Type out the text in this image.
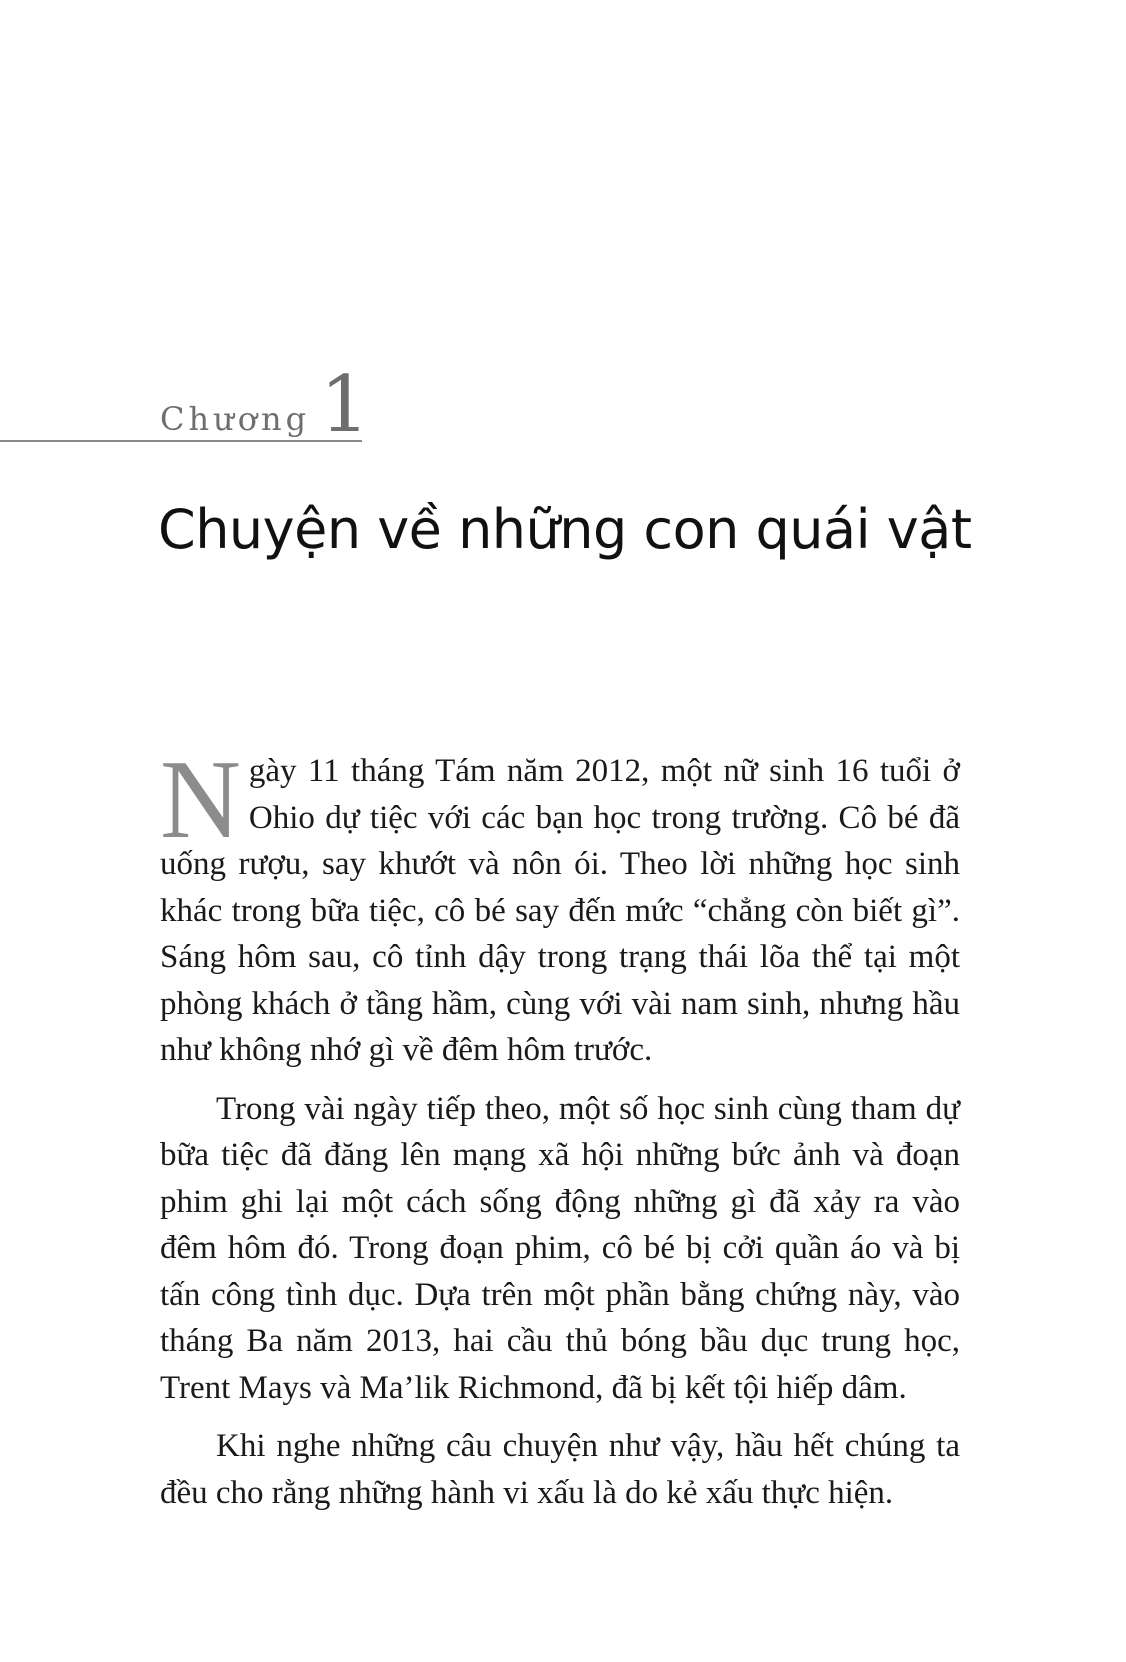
Chương 1
Chuyện về những con quái vật

Ngày 11 tháng Tám năm 2012, một nữ sinh 16 tuổi ở Ohio dự tiệc với các bạn học trong trường. Cô bé đã uống rượu, say khướt và nôn ói. Theo lời những học sinh khác trong bữa tiệc, cô bé say đến mức “chẳng còn biết gì”. Sáng hôm sau, cô tỉnh dậy trong trạng thái lõa thể tại một phòng khách ở tầng hầm, cùng với vài nam sinh, nhưng hầu như không nhớ gì về đêm hôm trước.

Trong vài ngày tiếp theo, một số học sinh cùng tham dự bữa tiệc đã đăng lên mạng xã hội những bức ảnh và đoạn phim ghi lại một cách sống động những gì đã xảy ra vào đêm hôm đó. Trong đoạn phim, cô bé bị cởi quần áo và bị tấn công tình dục. Dựa trên một phần bằng chứng này, vào tháng Ba năm 2013, hai cầu thủ bóng bầu dục trung học, Trent Mays và Ma’lik Richmond, đã bị kết tội hiếp dâm.

Khi nghe những câu chuyện như vậy, hầu hết chúng ta đều cho rằng những hành vi xấu là do kẻ xấu thực hiện.
